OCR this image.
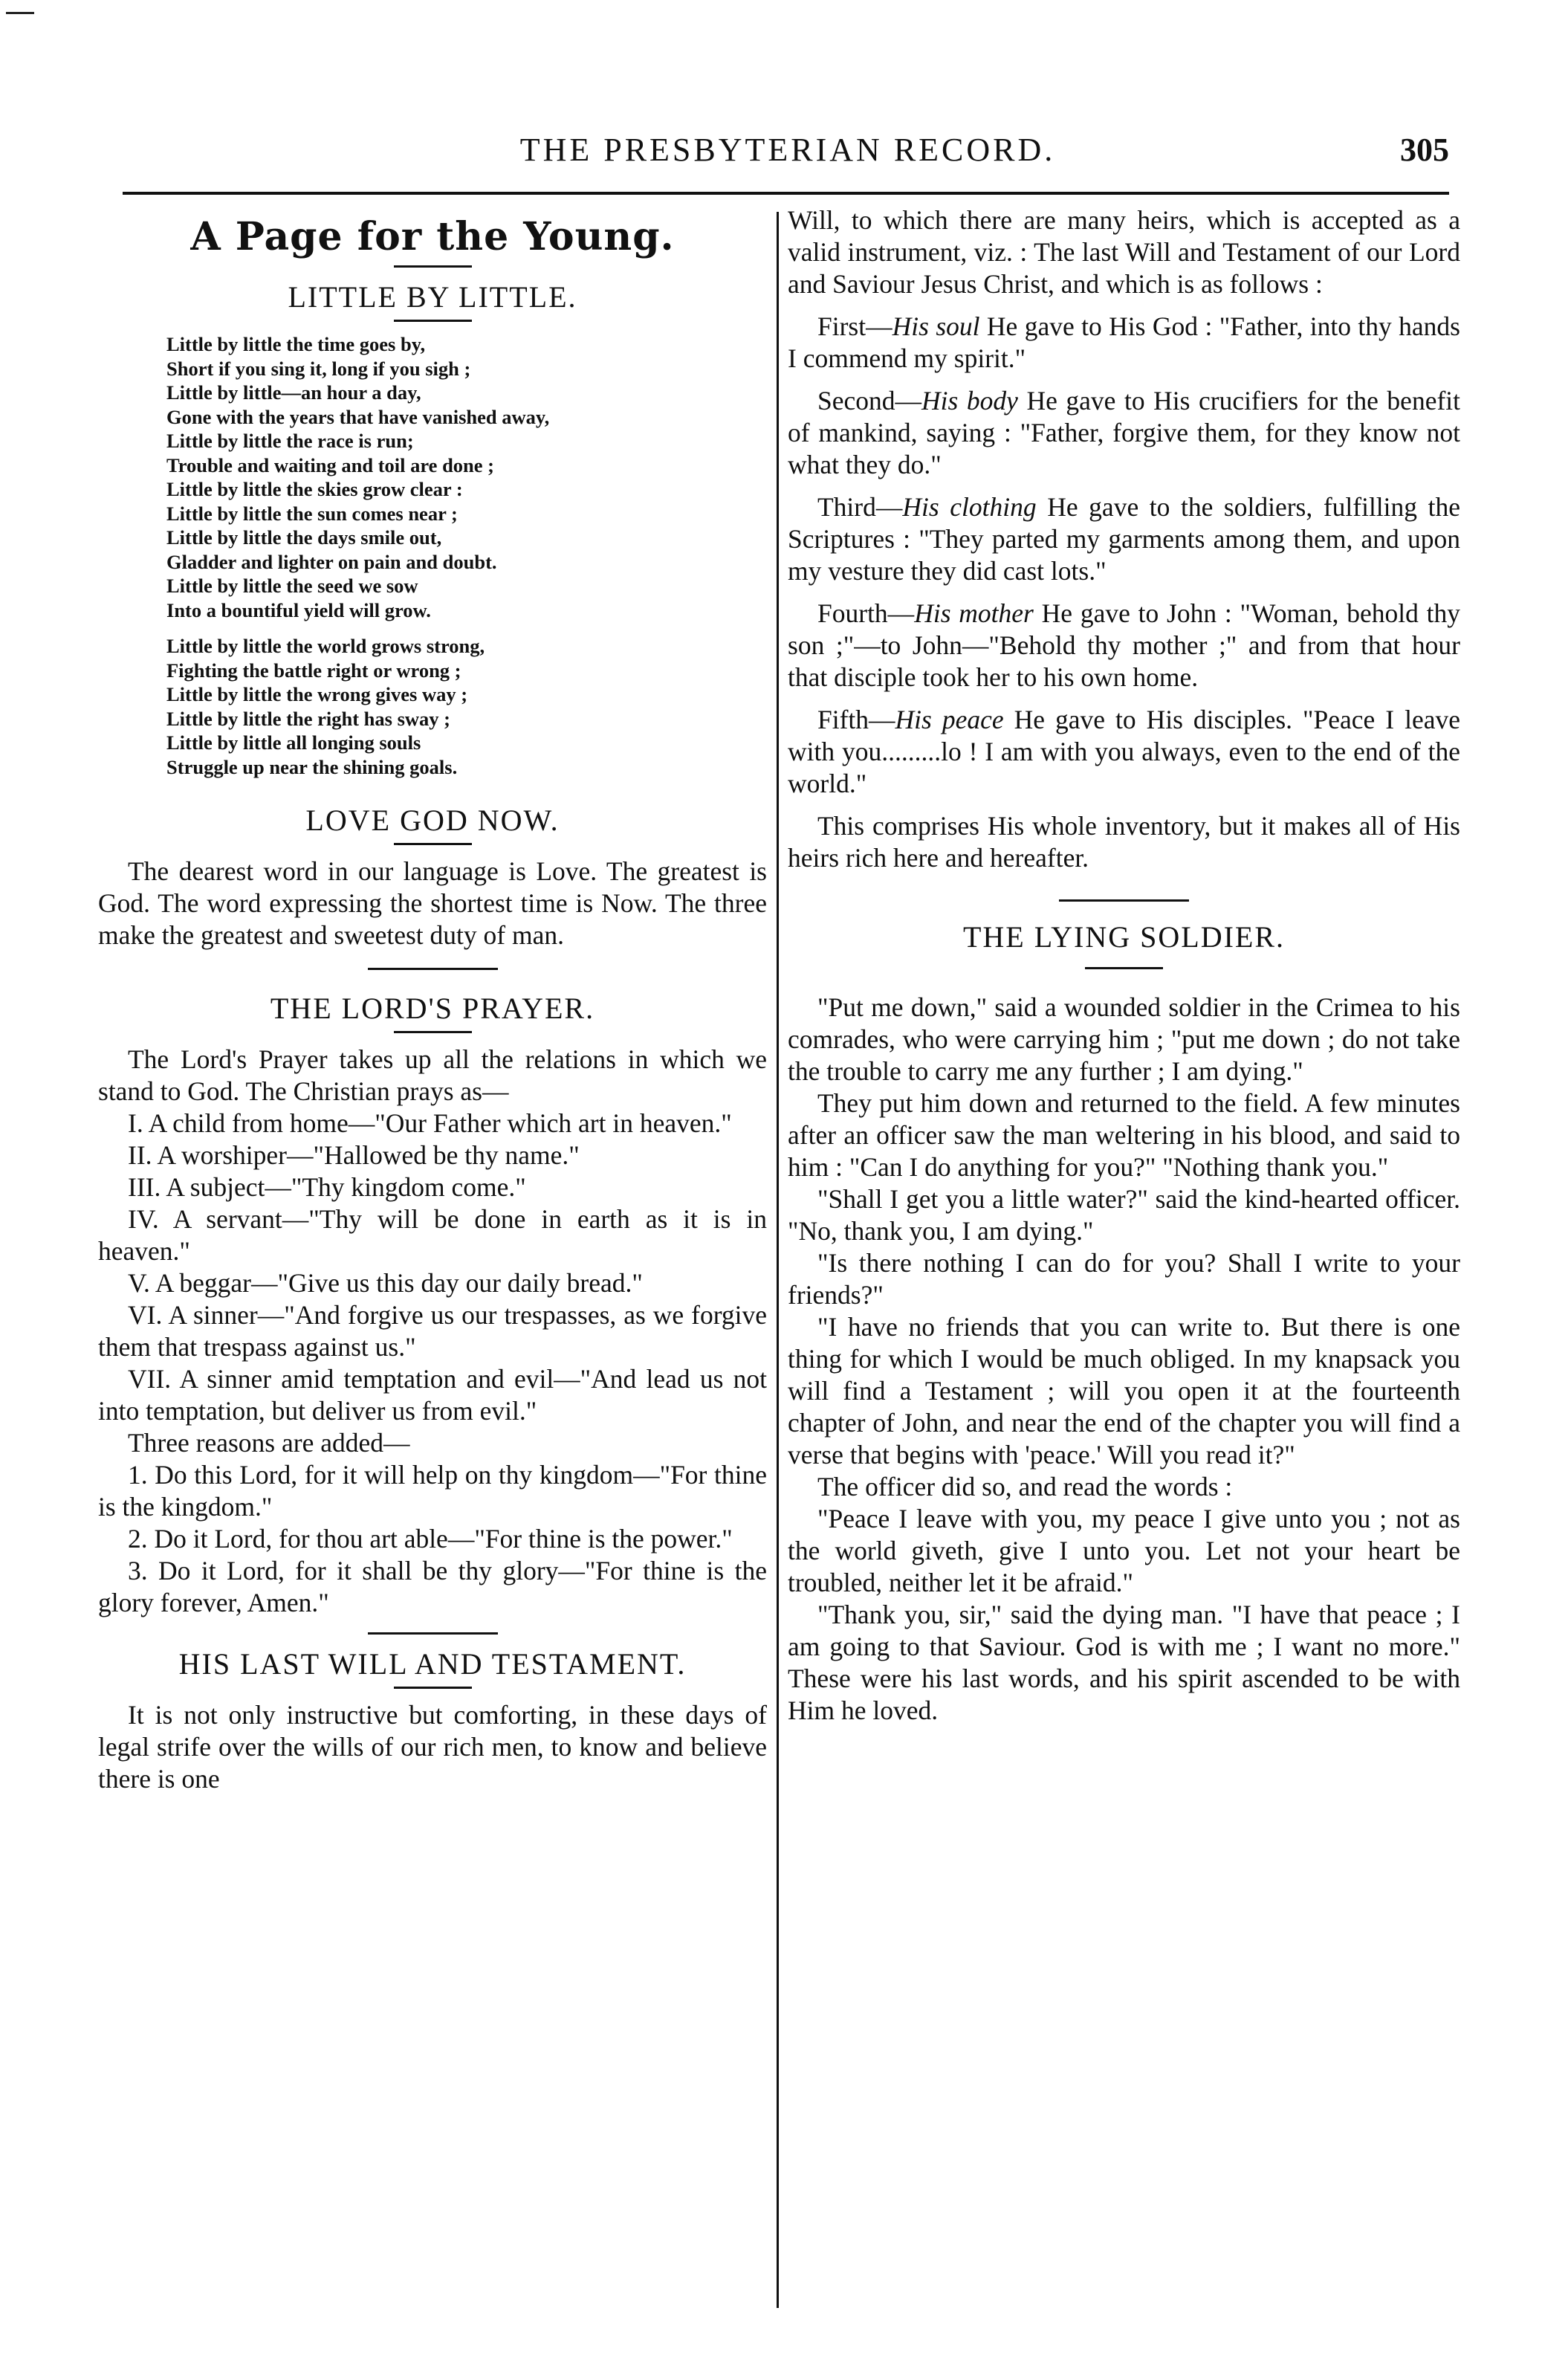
THE PRESBYTERIAN RECORD.	305
A Page for the Young.
LITTLE BY LITTLE.
Little by little the time goes by,
Short if you sing it, long if you sigh ;
Little by little—an hour a day,
Gone with the years that have vanished away,
Little by little the race is run;
Trouble and waiting and toil are done ;
Little by little the skies grow clear :
Little by little the sun comes near ;
Little by little the days smile out,
Gladder and lighter on pain and doubt.
Little by little the seed we sow
Into a bountiful yield will grow.
Little by little the world grows strong,
Fighting the battle right or wrong ;
Little by little the wrong gives way ;
Little by little the right has sway ;
Little by little all longing souls
Struggle up near the shining goals.
LOVE GOD NOW.

The dearest word in our language is Love. The greatest is God. The word expressing the shortest time is Now. The three make the greatest and sweetest duty of man.

THE LORD'S PRAYER.

The Lord's Prayer takes up all the relations in which we stand to God. The Christian prays as—

I. A child from home—"Our Father which art in heaven."

II. A worshiper—"Hallowed be thy name."

III. A subject—"Thy kingdom come."

IV. A servant—"Thy will be done in earth as it is in heaven."

V. A beggar—"Give us this day our daily bread."

VI. A sinner—"And forgive us our trespasses, as we forgive them that trespass against us."

VII. A sinner amid temptation and evil—"And lead us not into temptation, but deliver us from evil."

Three reasons are added—

1. Do this Lord, for it will help on thy kingdom—"For thine is the kingdom."

2. Do it Lord, for thou art able—"For thine is the power."

3. Do it Lord, for it shall be thy glory—"For thine is the glory forever, Amen."

HIS LAST WILL AND TESTAMENT.

It is not only instructive but comforting, in these days of legal strife over the wills of our rich men, to know and believe there is one

Will, to which there are many heirs, which is accepted as a valid instrument, viz. : The last Will and Testament of our Lord and Saviour Jesus Christ, and which is as follows :

First—His soul He gave to His God : "Father, into thy hands I commend my spirit."

Second—His body He gave to His crucifiers for the benefit of mankind, saying : "Father, forgive them, for they know not what they do."

Third—His clothing He gave to the soldiers, fulfilling the Scriptures : "They parted my garments among them, and upon my vesture they did cast lots."

Fourth—His mother He gave to John : "Woman, behold thy son ;"—to John—"Behold thy mother ;" and from that hour that disciple took her to his own home.

Fifth—His peace He gave to His disciples. "Peace I leave with you.........lo ! I am with you always, even to the end of the world."

This comprises His whole inventory, but it makes all of His heirs rich here and hereafter.

THE LYING SOLDIER.

"Put me down," said a wounded soldier in the Crimea to his comrades, who were carrying him ; "put me down ; do not take the trouble to carry me any further ; I am dying."

They put him down and returned to the field. A few minutes after an officer saw the man weltering in his blood, and said to him : "Can I do anything for you?" "Nothing thank you."

"Shall I get you a little water?" said the kind-hearted officer. "No, thank you, I am dying."

"Is there nothing I can do for you? Shall I write to your friends?"

"I have no friends that you can write to. But there is one thing for which I would be much obliged. In my knapsack you will find a Testament ; will you open it at the fourteenth chapter of John, and near the end of the chapter you will find a verse that begins with 'peace.' Will you read it?"

The officer did so, and read the words :

"Peace I leave with you, my peace I give unto you ; not as the world giveth, give I unto you. Let not your heart be troubled, neither let it be afraid."

"Thank you, sir," said the dying man. "I have that peace ; I am going to that Saviour. God is with me ; I want no more." These were his last words, and his spirit ascended to be with Him he loved.
